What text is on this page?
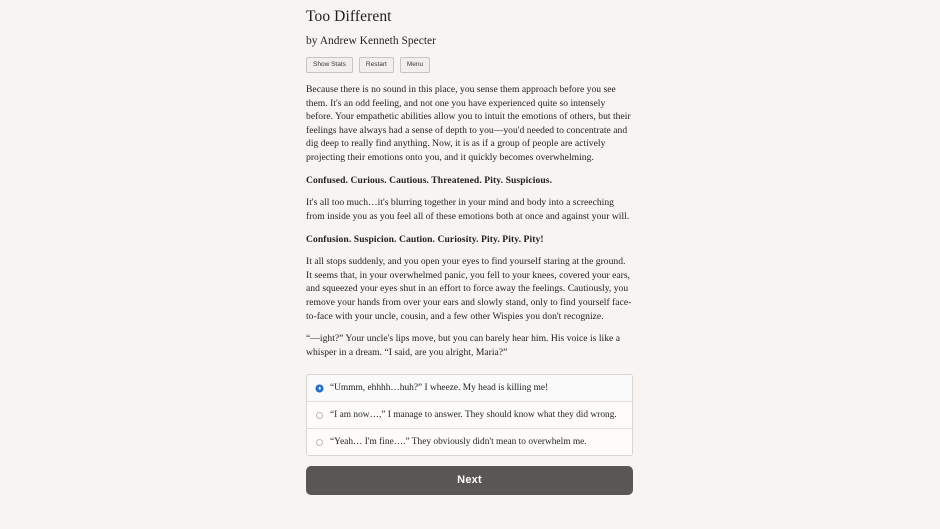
Too Different
by Andrew Kenneth Specter
Show Stats	Restart	Menu

Because there is no sound in this place, you sense them approach before you see them. It's an odd feeling, and not one you have experienced quite so intensely before. Your empathetic abilities allow you to intuit the emotions of others, but their feelings have always had a sense of depth to you—you'd needed to concentrate and dig deep to really find anything. Now, it is as if a group of people are actively projecting their emotions onto you, and it quickly becomes overwhelming.

Confused. Curious. Cautious. Threatened. Pity. Suspicious.

It's all too much…it's blurring together in your mind and body into a screeching from inside you as you feel all of these emotions both at once and against your will.

Confusion. Suspicion. Caution. Curiosity. Pity. Pity. Pity!

It all stops suddenly, and you open your eyes to find yourself staring at the ground. It seems that, in your overwhelmed panic, you fell to your knees, covered your ears, and squeezed your eyes shut in an effort to force away the feelings. Cautiously, you remove your hands from over your ears and slowly stand, only to find yourself face-to-face with your uncle, cousin, and a few other Wispies you don't recognize.

“—ight?” Your uncle's lips move, but you can barely hear him. His voice is like a whisper in a dream. “I said, are you alright, Maria?”

“Ummm, ehhhh…huh?” I wheeze. My head is killing me!
“I am now…,” I manage to answer. They should know what they did wrong.
“Yeah… I'm fine….” They obviously didn't mean to overwhelm me.
Next
